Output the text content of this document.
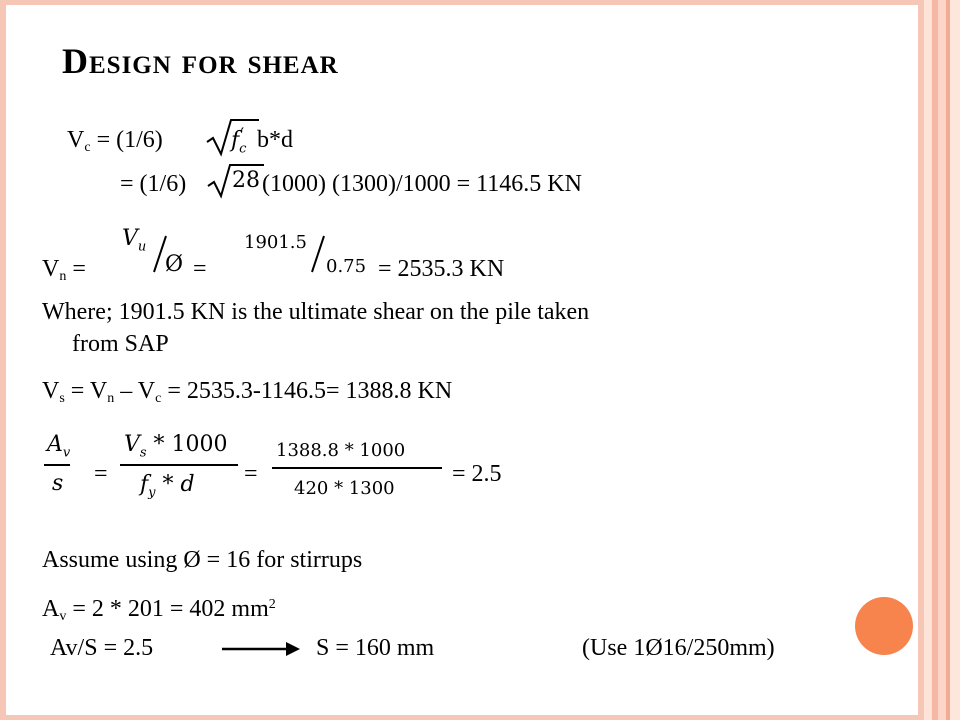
Design for shear
$V_c = (1/6)$	$f_c'$ b*d
= (1/6) 28 (1000) (1300)/1000 = 1146.5 KN
$V_n$ =
$V_u$
Ø =
1901.5
0.75 = 2535.3 KN
Where; 1901.5 KN is the ultimate shear on the pile taken
from SAP
$V_s = V_n - V_c = 2535.3-1146.5= 1388.8$ KN
$A_v$
s =
$V_s * 1000$
$f_y$ * d =
1388.8 * 1000
420 * 1300
= 2.5
Assume using Ø = 16 for stirrups
$A_v = 2 * 201 = 402$ $mm^2$
Av/S = 2.5	S = 160 mm	(Use 1Ø16/250mm)
